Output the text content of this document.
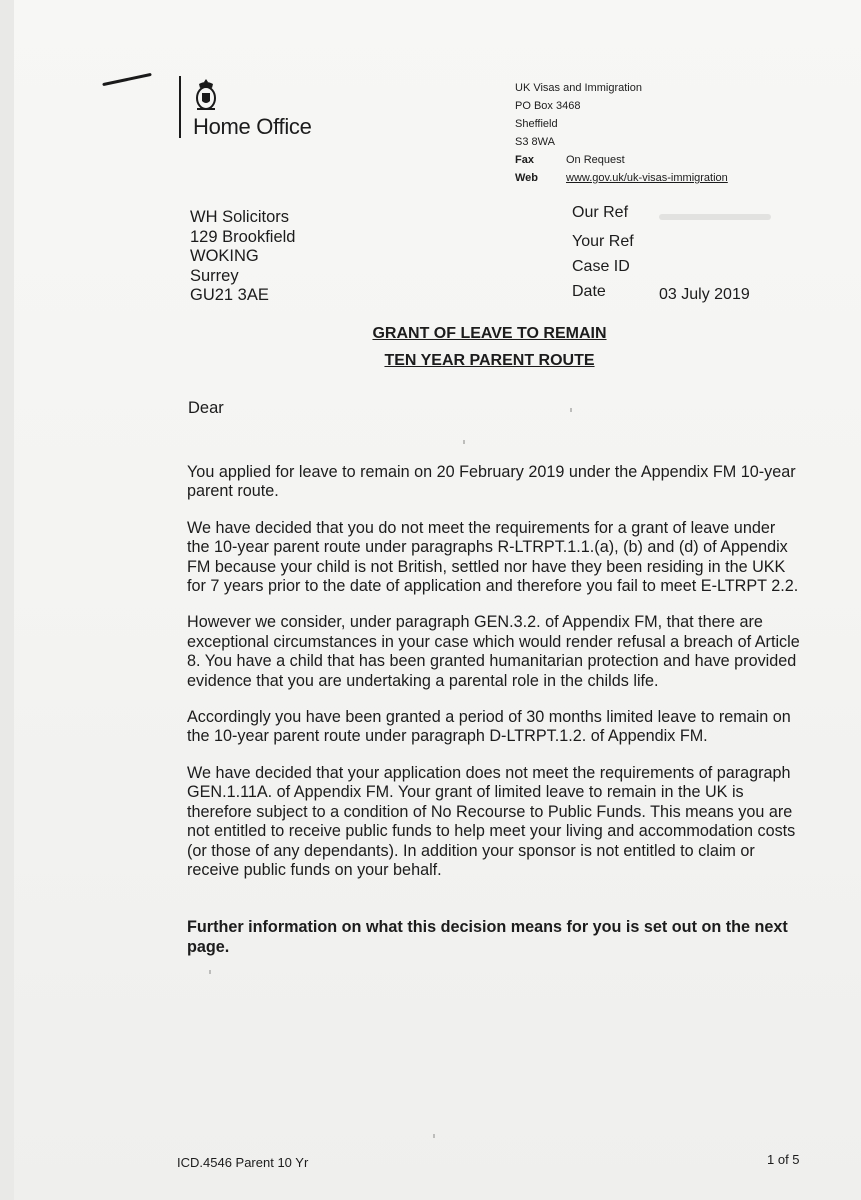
Home Office
UK Visas and Immigration
PO Box 3468
Sheffield
S3 8WA
Fax	On Request
Web	www.gov.uk/uk-visas-immigration
WH Solicitors
129 Brookfield
WOKING
Surrey
GU21 3AE
Our Ref
Your Ref
Case ID
Date	03 July 2019
GRANT OF LEAVE TO REMAIN
TEN YEAR PARENT ROUTE
Dear

You applied for leave to remain on 20 February 2019 under the Appendix FM 10-year parent route.

We have decided that you do not meet the requirements for a grant of leave under the 10-year parent route under paragraphs R-LTRPT.1.1.(a), (b) and (d) of Appendix FM because your child is not British, settled nor have they been residing in the UKK for 7 years prior to the date of application and therefore you fail to meet E-LTRPT 2.2.

However we consider, under paragraph GEN.3.2. of Appendix FM, that there are exceptional circumstances in your case which would render refusal a breach of Article 8. You have a child that has been granted humanitarian protection and have provided evidence that you are undertaking a parental role in the childs life.

Accordingly you have been granted a period of 30 months limited leave to remain on the 10-year parent route under paragraph D-LTRPT.1.2. of Appendix FM.

We have decided that your application does not meet the requirements of paragraph GEN.1.11A. of Appendix FM. Your grant of limited leave to remain in the UK is therefore subject to a condition of No Recourse to Public Funds. This means you are not entitled to receive public funds to help meet your living and accommodation costs (or those of any dependants). In addition your sponsor is not entitled to claim or receive public funds on your behalf.

Further information on what this decision means for you is set out on the next page.

ICD.4546 Parent 10 Yr	1 of 5
